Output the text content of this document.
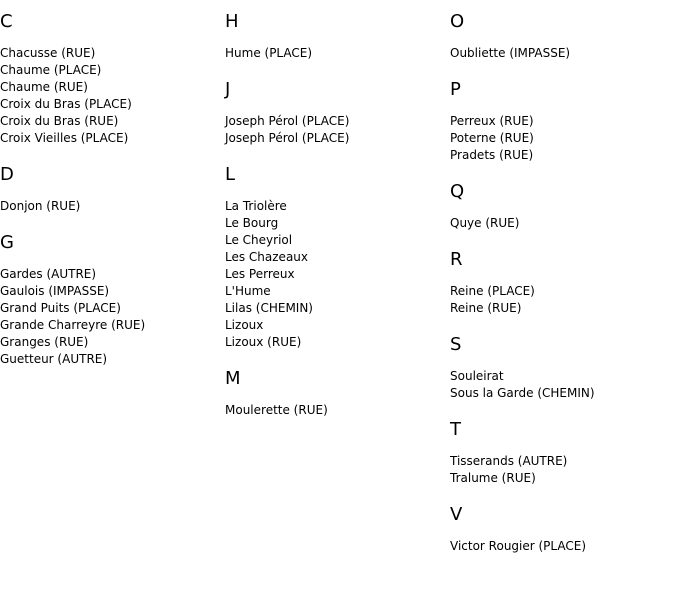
C
Chacusse (RUE)
Chaume (PLACE)
Chaume (RUE)
Croix du Bras (PLACE)
Croix du Bras (RUE)
Croix Vieilles (PLACE)
D
Donjon (RUE)
G
Gardes (AUTRE)
Gaulois (IMPASSE)
Grand Puits (PLACE)
Grande Charreyre (RUE)
Granges (RUE)
Guetteur (AUTRE)
H
Hume (PLACE)
J
Joseph Pérol (PLACE)
Joseph Pérol (PLACE)
L
La Triolère
Le Bourg
Le Cheyriol
Les Chazeaux
Les Perreux
L'Hume
Lilas (CHEMIN)
Lizoux
Lizoux (RUE)
M
Moulerette (RUE)
O
Oubliette (IMPASSE)
P
Perreux (RUE)
Poterne (RUE)
Pradets (RUE)
Q
Quye (RUE)
R
Reine (PLACE)
Reine (RUE)
S
Souleirat
Sous la Garde (CHEMIN)
T
Tisserands (AUTRE)
Tralume (RUE)
V
Victor Rougier (PLACE)
